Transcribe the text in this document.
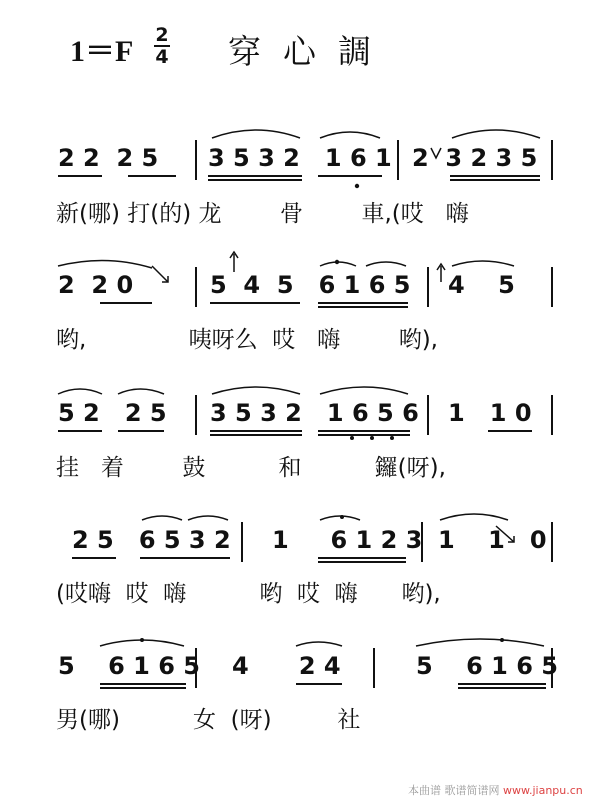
1＝F 2
4 穿心調
2 2  2 5 3 5 3 2   1 6 1 2  3 2 3 5
新(哪) 打(的) 龙        骨        車,(哎   嗨
2  2 0	5  4  5   6 1 6 5 4    5
哟,              咦呀么  哎   嗨        哟),
5 2   2 5 3 5 3 2   1 6 5 6 1   1 0
挂   着        鼓          和          鑼(呀),
2 5   6 5 3 2 1     6 1 2 3 1    1   0
(哎嗨  哎  嗨          哟  哎  嗨      哟),
5    6 1 6 5 4      2 4	5    6 1 6 5
男(哪)          女  (呀)         社
本曲谱 歌谱简谱网 www.jianpu.cn
